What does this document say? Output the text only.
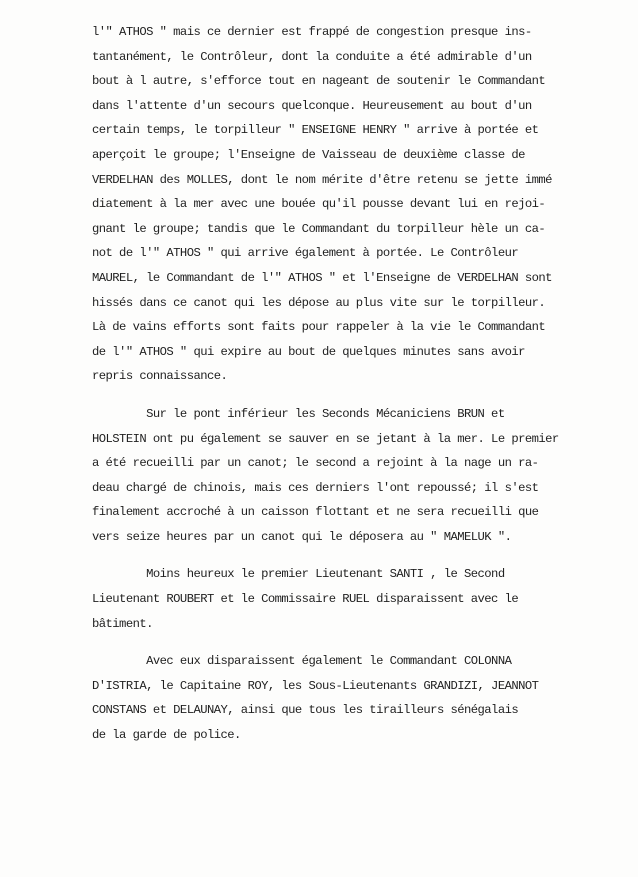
l'" ATHOS " mais ce dernier est frappé de congestion presque ins-
tantanément, le Contrôleur, dont la conduite a été admirable d'un
bout à l autre, s'efforce tout en nageant de soutenir le Commandant
dans l'attente d'un secours quelconque. Heureusement au bout d'un
certain temps, le torpilleur " ENSEIGNE HENRY " arrive à portée et
aperçoit le groupe; l'Enseigne de Vaisseau de deuxième classe de
VERDELHAN des MOLLES, dont le nom mérite d'être retenu se jette immé
diatement à la mer avec une bouée qu'il pousse devant lui en rejoi-
gnant le groupe; tandis que le Commandant du torpilleur hèle un ca-
not de l'" ATHOS " qui arrive également à portée. Le Contrôleur
MAUREL, le Commandant de l'" ATHOS " et l'Enseigne de VERDELHAN sont
hissés dans ce canot qui les dépose au plus vite sur le torpilleur.
Là de vains efforts sont faits pour rappeler à la vie le Commandant
de l'" ATHOS " qui expire au bout de quelques minutes sans avoir
repris connaissance.
Sur le pont inférieur les Seconds Mécaniciens BRUN et
HOLSTEIN ont pu également se sauver en se jetant à la mer. Le premier
a été recueilli par un canot; le second a rejoint à la nage un ra-
deau chargé de chinois, mais ces derniers l'ont repoussé; il s'est
finalement accroché à un caisson flottant et ne sera recueilli que
vers seize heures par un canot qui le déposera au " MAMELUK ".
Moins heureux le premier Lieutenant SANTI , le Second
Lieutenant ROUBERT et le Commissaire RUEL disparaissent avec le
bâtiment.
Avec eux disparaissent également le Commandant COLONNA
D'ISTRIA, le Capitaine ROY, les Sous-Lieutenants GRANDIZI, JEANNOT
CONSTANS et DELAUNAY, ainsi que tous les tirailleurs sénégalais
de la garde de police.
